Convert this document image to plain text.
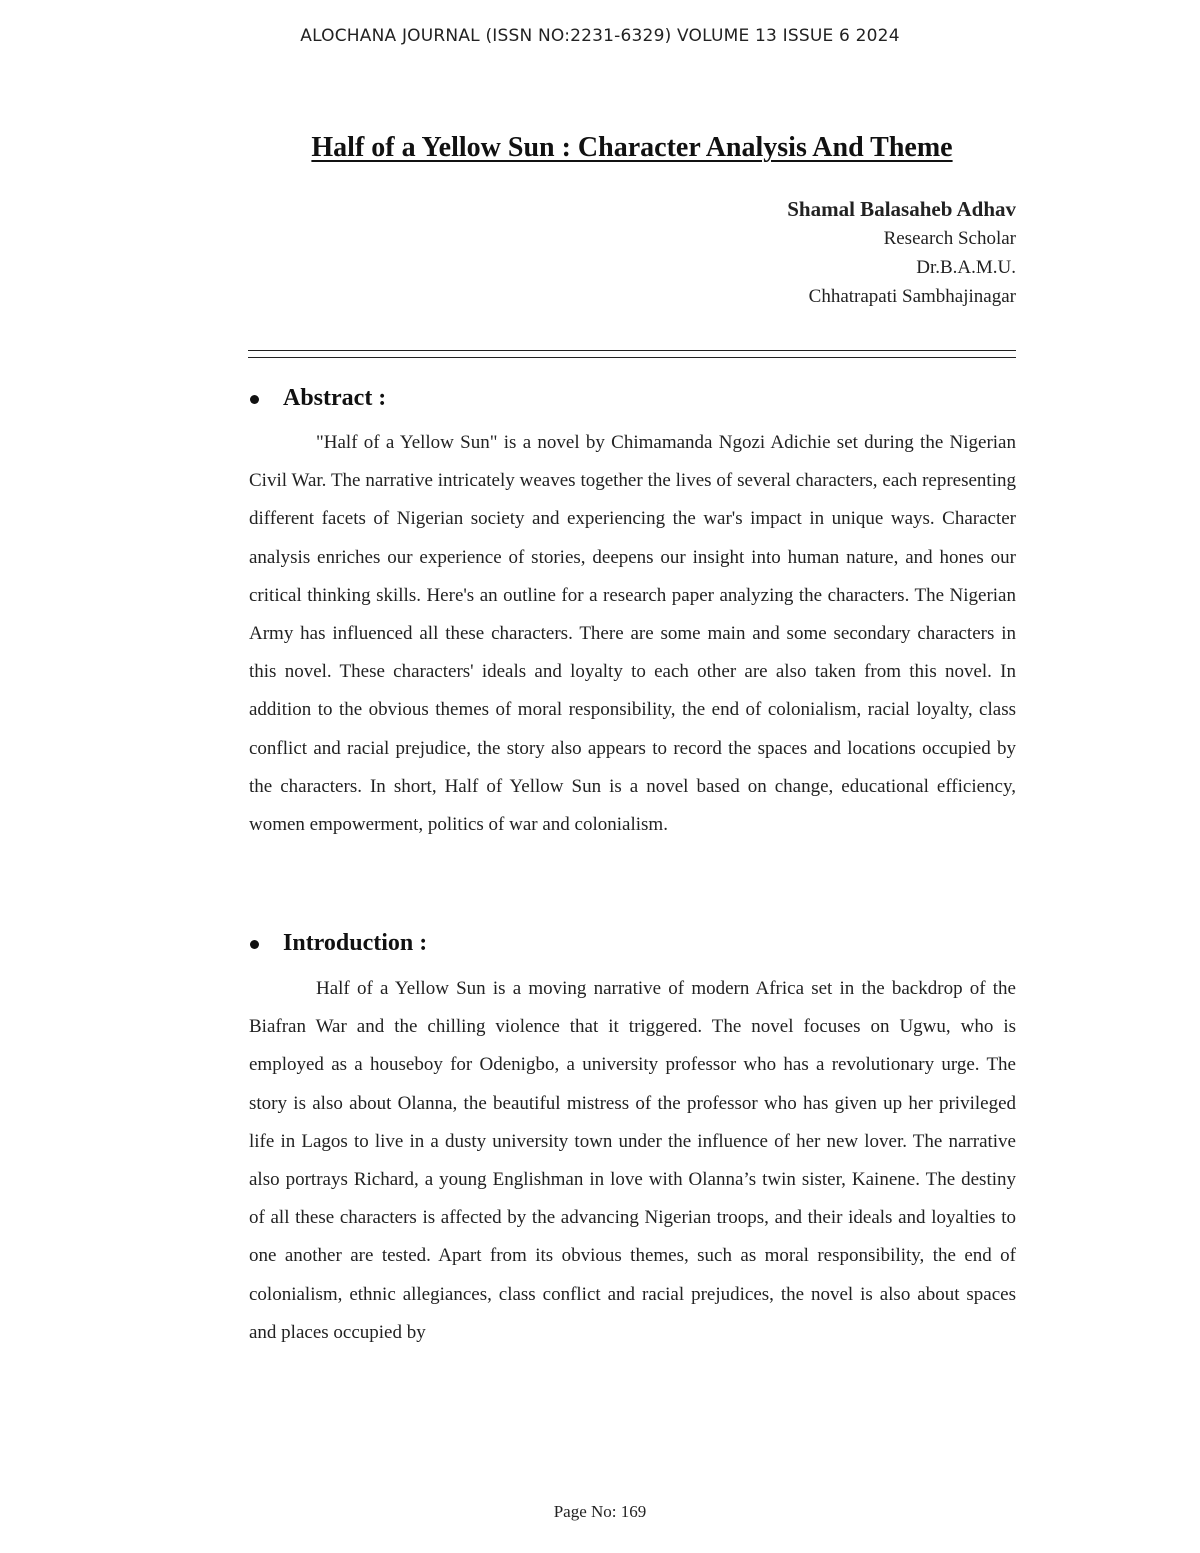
ALOCHANA JOURNAL (ISSN NO:2231-6329) VOLUME 13 ISSUE 6 2024
Half of a Yellow Sun : Character Analysis And Theme
Shamal Balasaheb Adhav
Research Scholar
Dr.B.A.M.U.
Chhatrapati Sambhajinagar
Abstract :

"Half of a Yellow Sun" is a novel by Chimamanda Ngozi Adichie set during the Nigerian Civil War. The narrative intricately weaves together the lives of several characters, each representing different facets of Nigerian society and experiencing the war's impact in unique ways. Character analysis enriches our experience of stories, deepens our insight into human nature, and hones our critical thinking skills. Here's an outline for a research paper analyzing the characters. The Nigerian Army has influenced all these characters. There are some main and some secondary characters in this novel. These characters' ideals and loyalty to each other are also taken from this novel. In addition to the obvious themes of moral responsibility, the end of colonialism, racial loyalty, class conflict and racial prejudice, the story also appears to record the spaces and locations occupied by the characters. In short, Half of Yellow Sun is a novel based on change, educational efficiency, women empowerment, politics of war and colonialism.

Introduction :

Half of a Yellow Sun is a moving narrative of modern Africa set in the backdrop of the Biafran War and the chilling violence that it triggered. The novel focuses on Ugwu, who is employed as a houseboy for Odenigbo, a university professor who has a revolutionary urge. The story is also about Olanna, the beautiful mistress of the professor who has given up her privileged life in Lagos to live in a dusty university town under the influence of her new lover. The narrative also portrays Richard, a young Englishman in love with Olanna’s twin sister, Kainene. The destiny of all these characters is affected by the advancing Nigerian troops, and their ideals and loyalties to one another are tested. Apart from its obvious themes, such as moral responsibility, the end of colonialism, ethnic allegiances, class conflict and racial prejudices, the novel is also about spaces and places occupied by

Page No: 169
